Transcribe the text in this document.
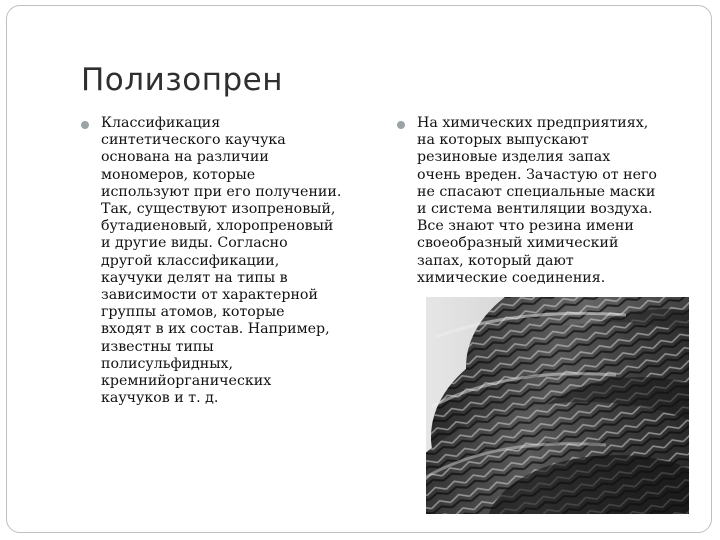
Полизопрен
Классификация
синтетического каучука
основана на различии
мономеров, которые
используют при его получении.
Так, существуют изопреновый,
бутадиеновый, хлоропреновый
и другие виды. Согласно
другой классификации,
каучуки делят на типы в
зависимости от характерной
группы атомов, которые
входят в их состав. Например,
известны типы
полисульфидных,
кремнийорганических
каучуков и т. д.
На химических предприятиях,
на которых выпускают
резиновые изделия запах
очень вреден. Зачастую от него
не спасают специальные маски
и система вентиляции воздуха.
Все знают что резина имени
своеобразный химический
запах, который дают
химические соединения.
